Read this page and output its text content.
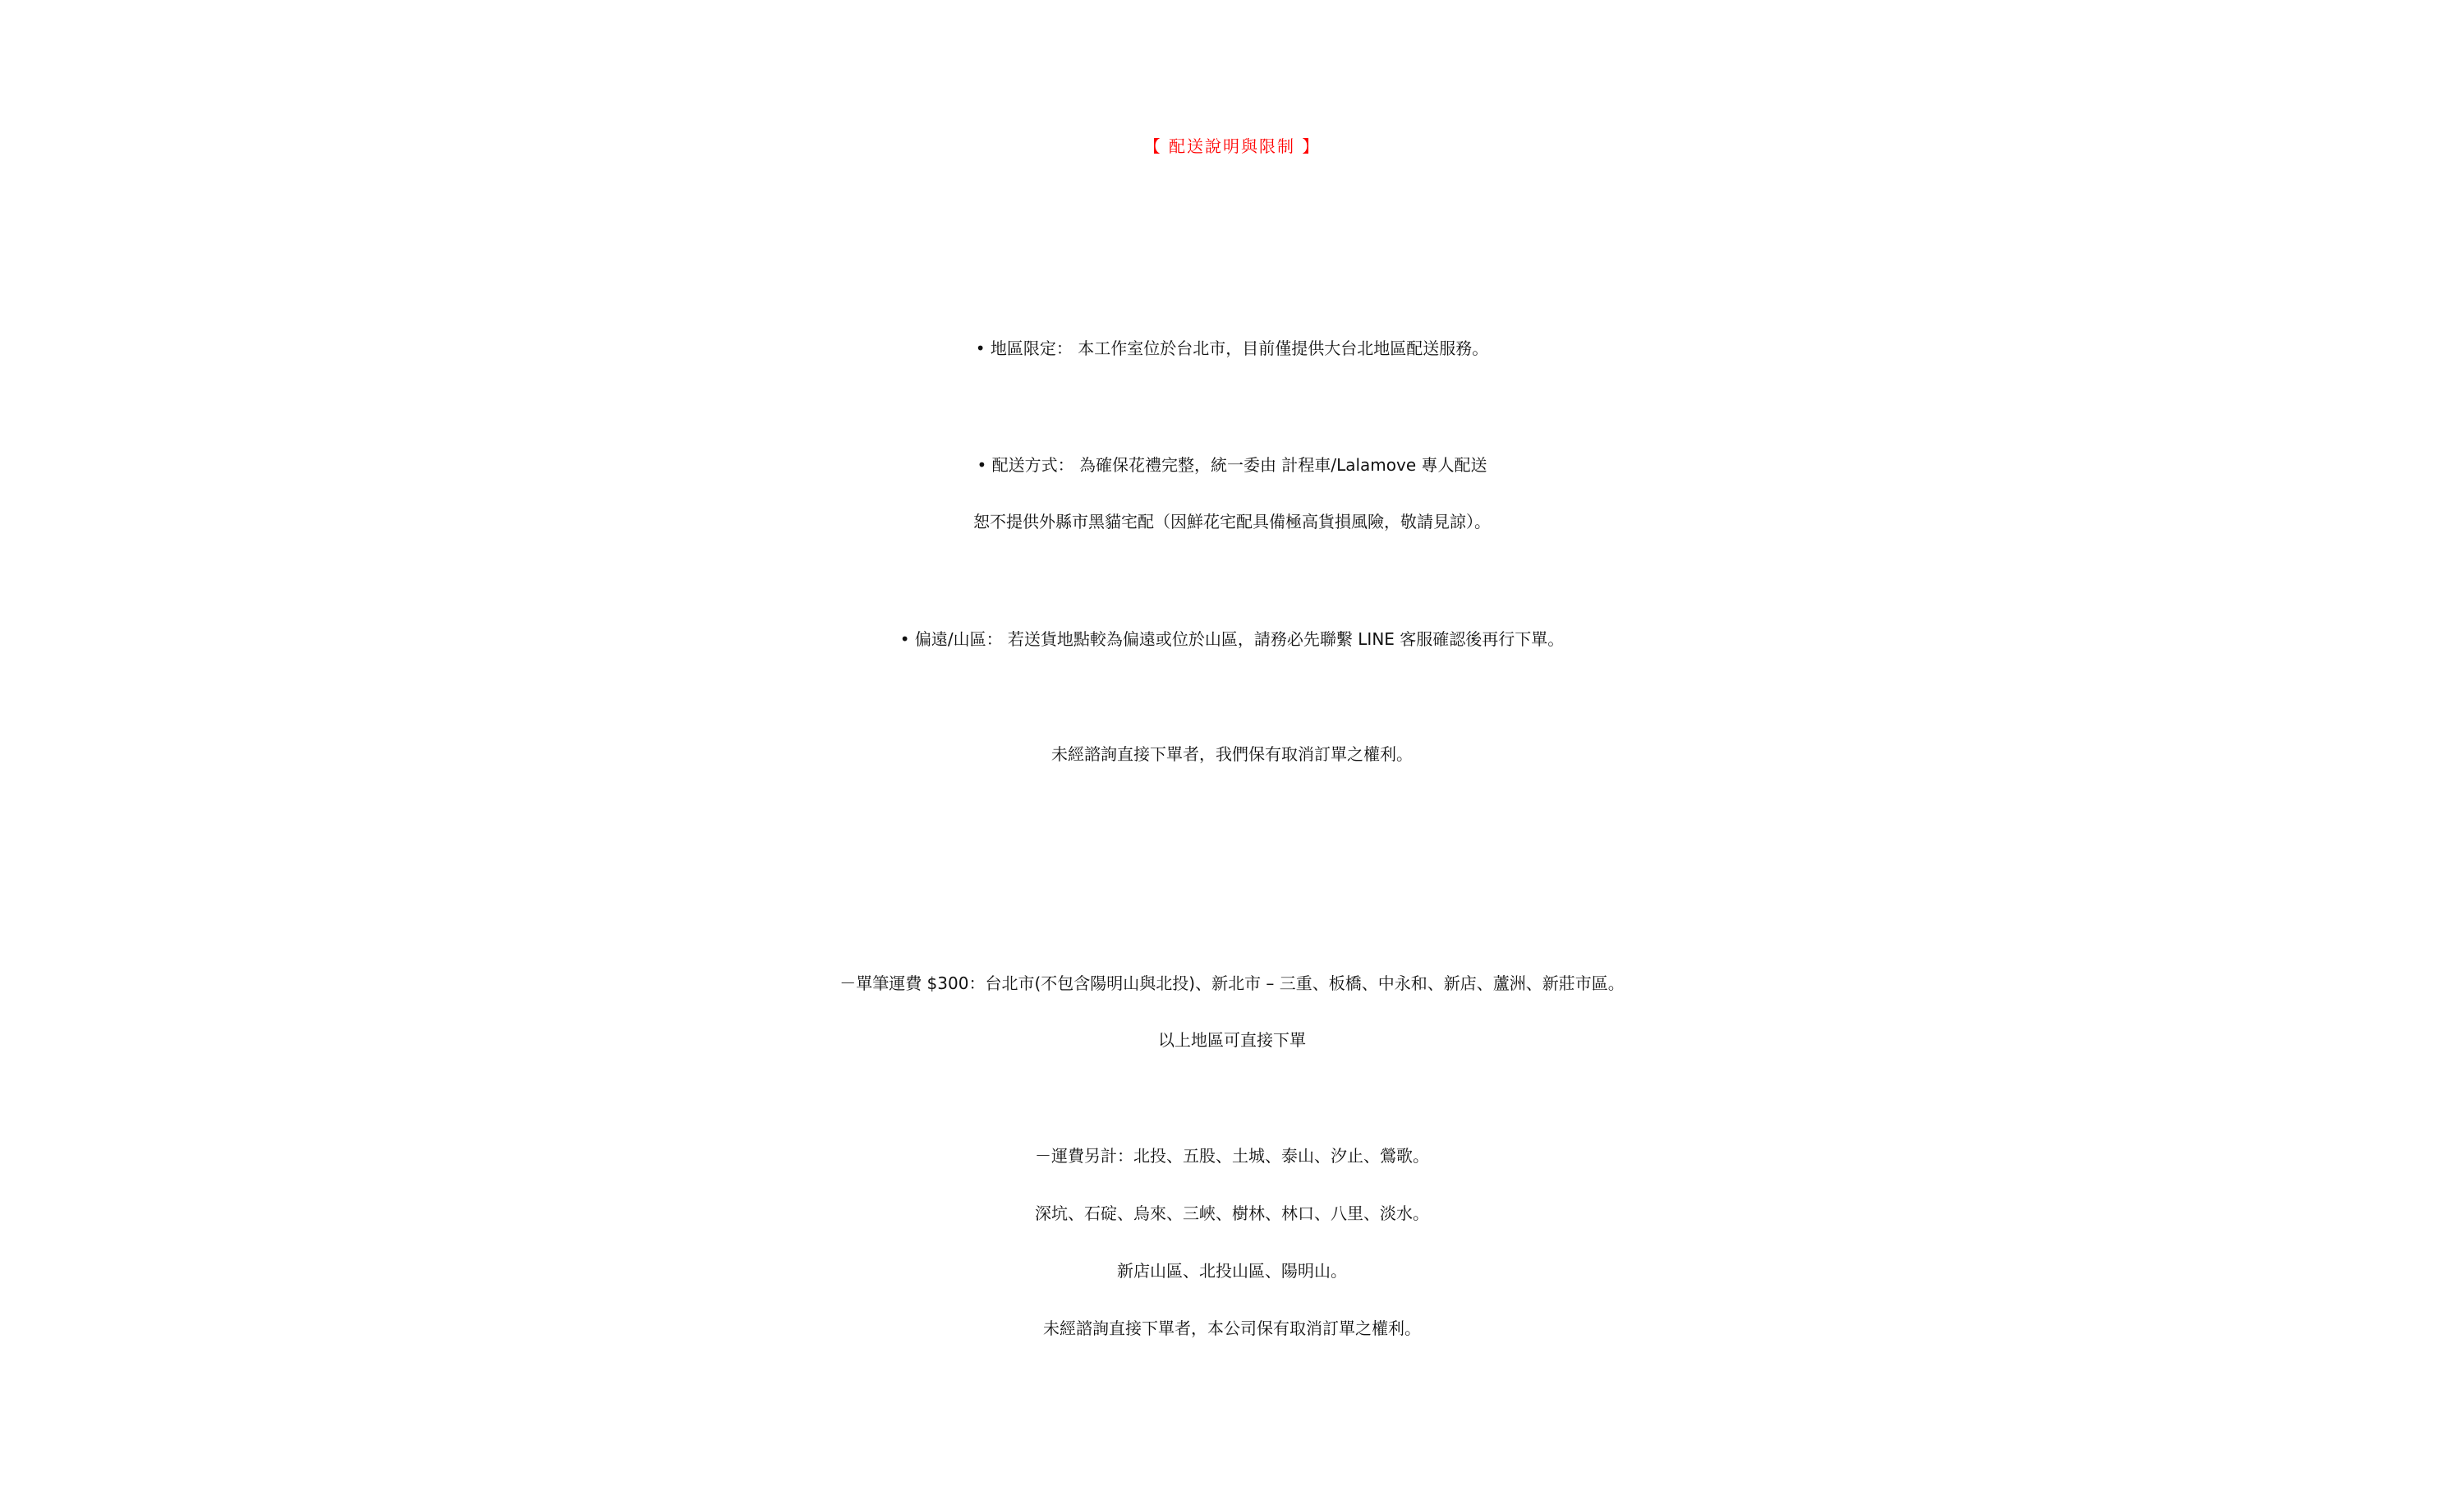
【 配送說明與限制 】
• 地區限定： 本工作室位於台北市，目前僅提供大台北地區配送服務。
• 配送方式： 為確保花禮完整，統一委由 計程車/Lalamove 專人配送
恕不提供外縣市黑貓宅配（因鮮花宅配具備極高貨損風險，敬請見諒）。
• 偏遠/山區： 若送貨地點較為偏遠或位於山區，請務必先聯繫 LINE 客服確認後再行下單。
未經諮詢直接下單者，我們保有取消訂單之權利。
－單筆運費 $300：台北市(不包含陽明山與北投)、新北市 – 三重、板橋、中永和、新店、蘆洲、新莊市區。
以上地區可直接下單
－運費另計：北投、五股、土城、泰山、汐止、鶯歌。
深坑、石碇、烏來、三峽、樹林、林口、八里、淡水。
新店山區、北投山區、陽明山。
未經諮詢直接下單者，本公司保有取消訂單之權利。
